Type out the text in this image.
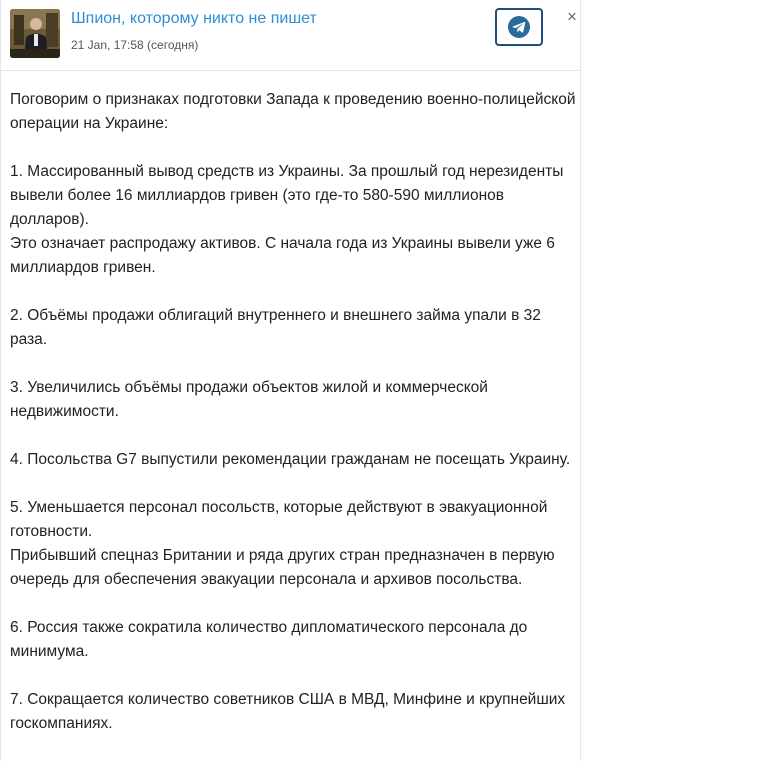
Шпион, которому никто не пишет
21 Jan, 17:58 (сегодня)
×

Поговорим о признаках подготовки Запада к проведению военно-полицейской операции на Украине:

1. Массированный вывод средств из Украины. За прошлый год нерезиденты вывели более 16 миллиардов гривен (это где-то 580-590 миллионов долларов).

Это означает распродажу активов. С начала года из Украины вывели уже 6 миллиардов гривен.

2. Объёмы продажи облигаций внутреннего и внешнего займа упали в 32 раза.

3. Увеличились объёмы продажи объектов жилой и коммерческой недвижимости.

4. Посольства G7 выпустили рекомендации гражданам не посещать Украину.

5. Уменьшается персонал посольств, которые действуют в эвакуационной готовности.

Прибывший спецназ Британии и ряда других стран предназначен в первую очередь для обеспечения эвакуации персонала и архивов посольства.

6. Россия также сократила количество дипломатического персонала до минимума.

7. Сокращается количество советников США в МВД, Минфине и крупнейших госкомпаниях.
